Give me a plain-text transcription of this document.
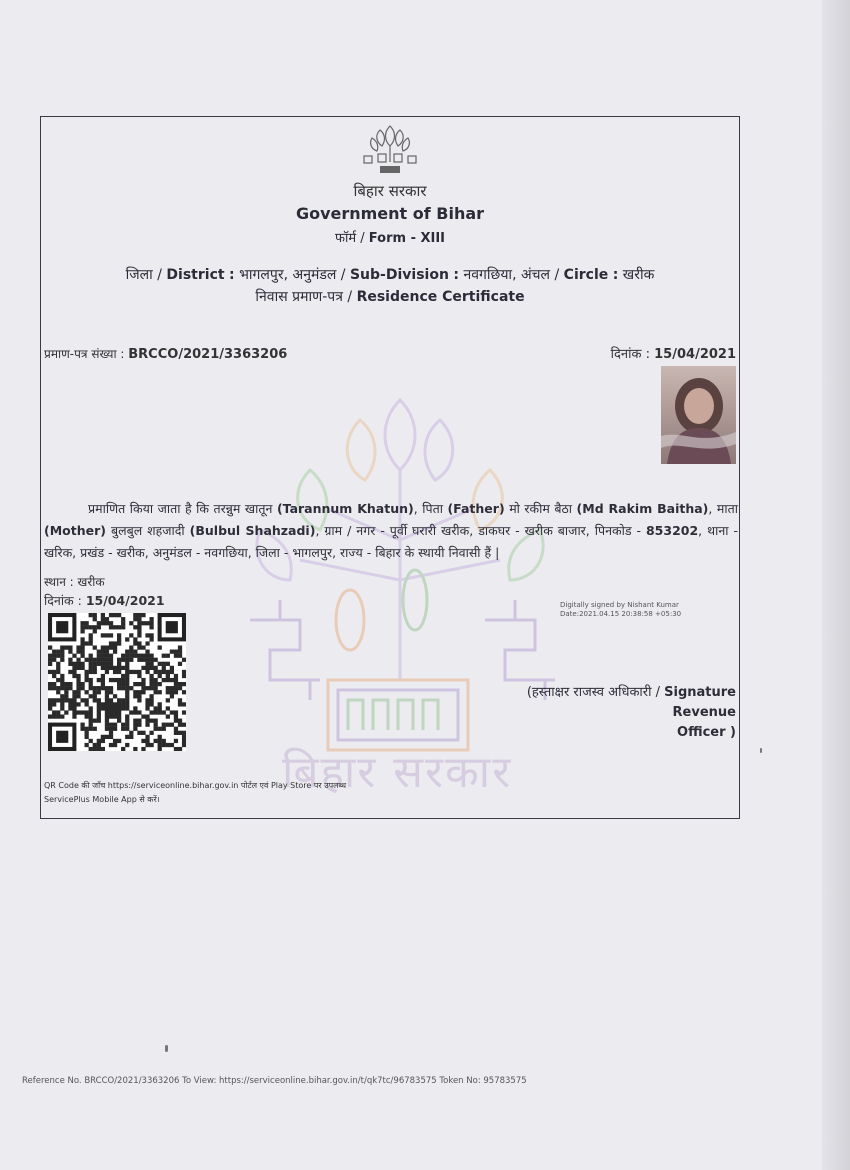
बिहार सरकार
Government of Bihar
फॉर्म / Form - XIII
जिला / District : भागलपुर, अनुमंडल / Sub-Division : नवगछिया, अंचल / Circle : खरीक
निवास प्रमाण-पत्र / Residence Certificate
प्रमाण-पत्र संख्या : BRCCO/2021/3363206	दिनांक : 15/04/2021
बिहार सरकार
प्रमाणित किया जाता है कि तरन्नुम खातून (Tarannum Khatun), पिता (Father) मो रकीम बैठा (Md Rakim Baitha), माता (Mother) बुलबुल शहजादी (Bulbul Shahzadi), ग्राम / नगर - पूर्वी घरारी खरीक, डाकघर - खरीक बाजार, पिनकोड - 853202, थाना - खरिक, प्रखंड - खरीक, अनुमंडल - नवगछिया, जिला - भागलपुर, राज्य - बिहार के स्थायी निवासी हैं |
स्थान : खरीक
दिनांक : 15/04/2021	Digitally signed by Nishant Kumar
Date:2021.04.15 20:38:58 +05:30
(हस्ताक्षर राजस्व अधिकारी / Signature Revenue
Officer )
QR Code की जाँच https://serviceonline.bihar.gov.in पोर्टल एवं Play Store पर उपलब्ध
ServicePlus Mobile App से करें।
Reference No. BRCCO/2021/3363206 To View: https://serviceonline.bihar.gov.in/t/qk7tc/96783575 Token No: 95783575
